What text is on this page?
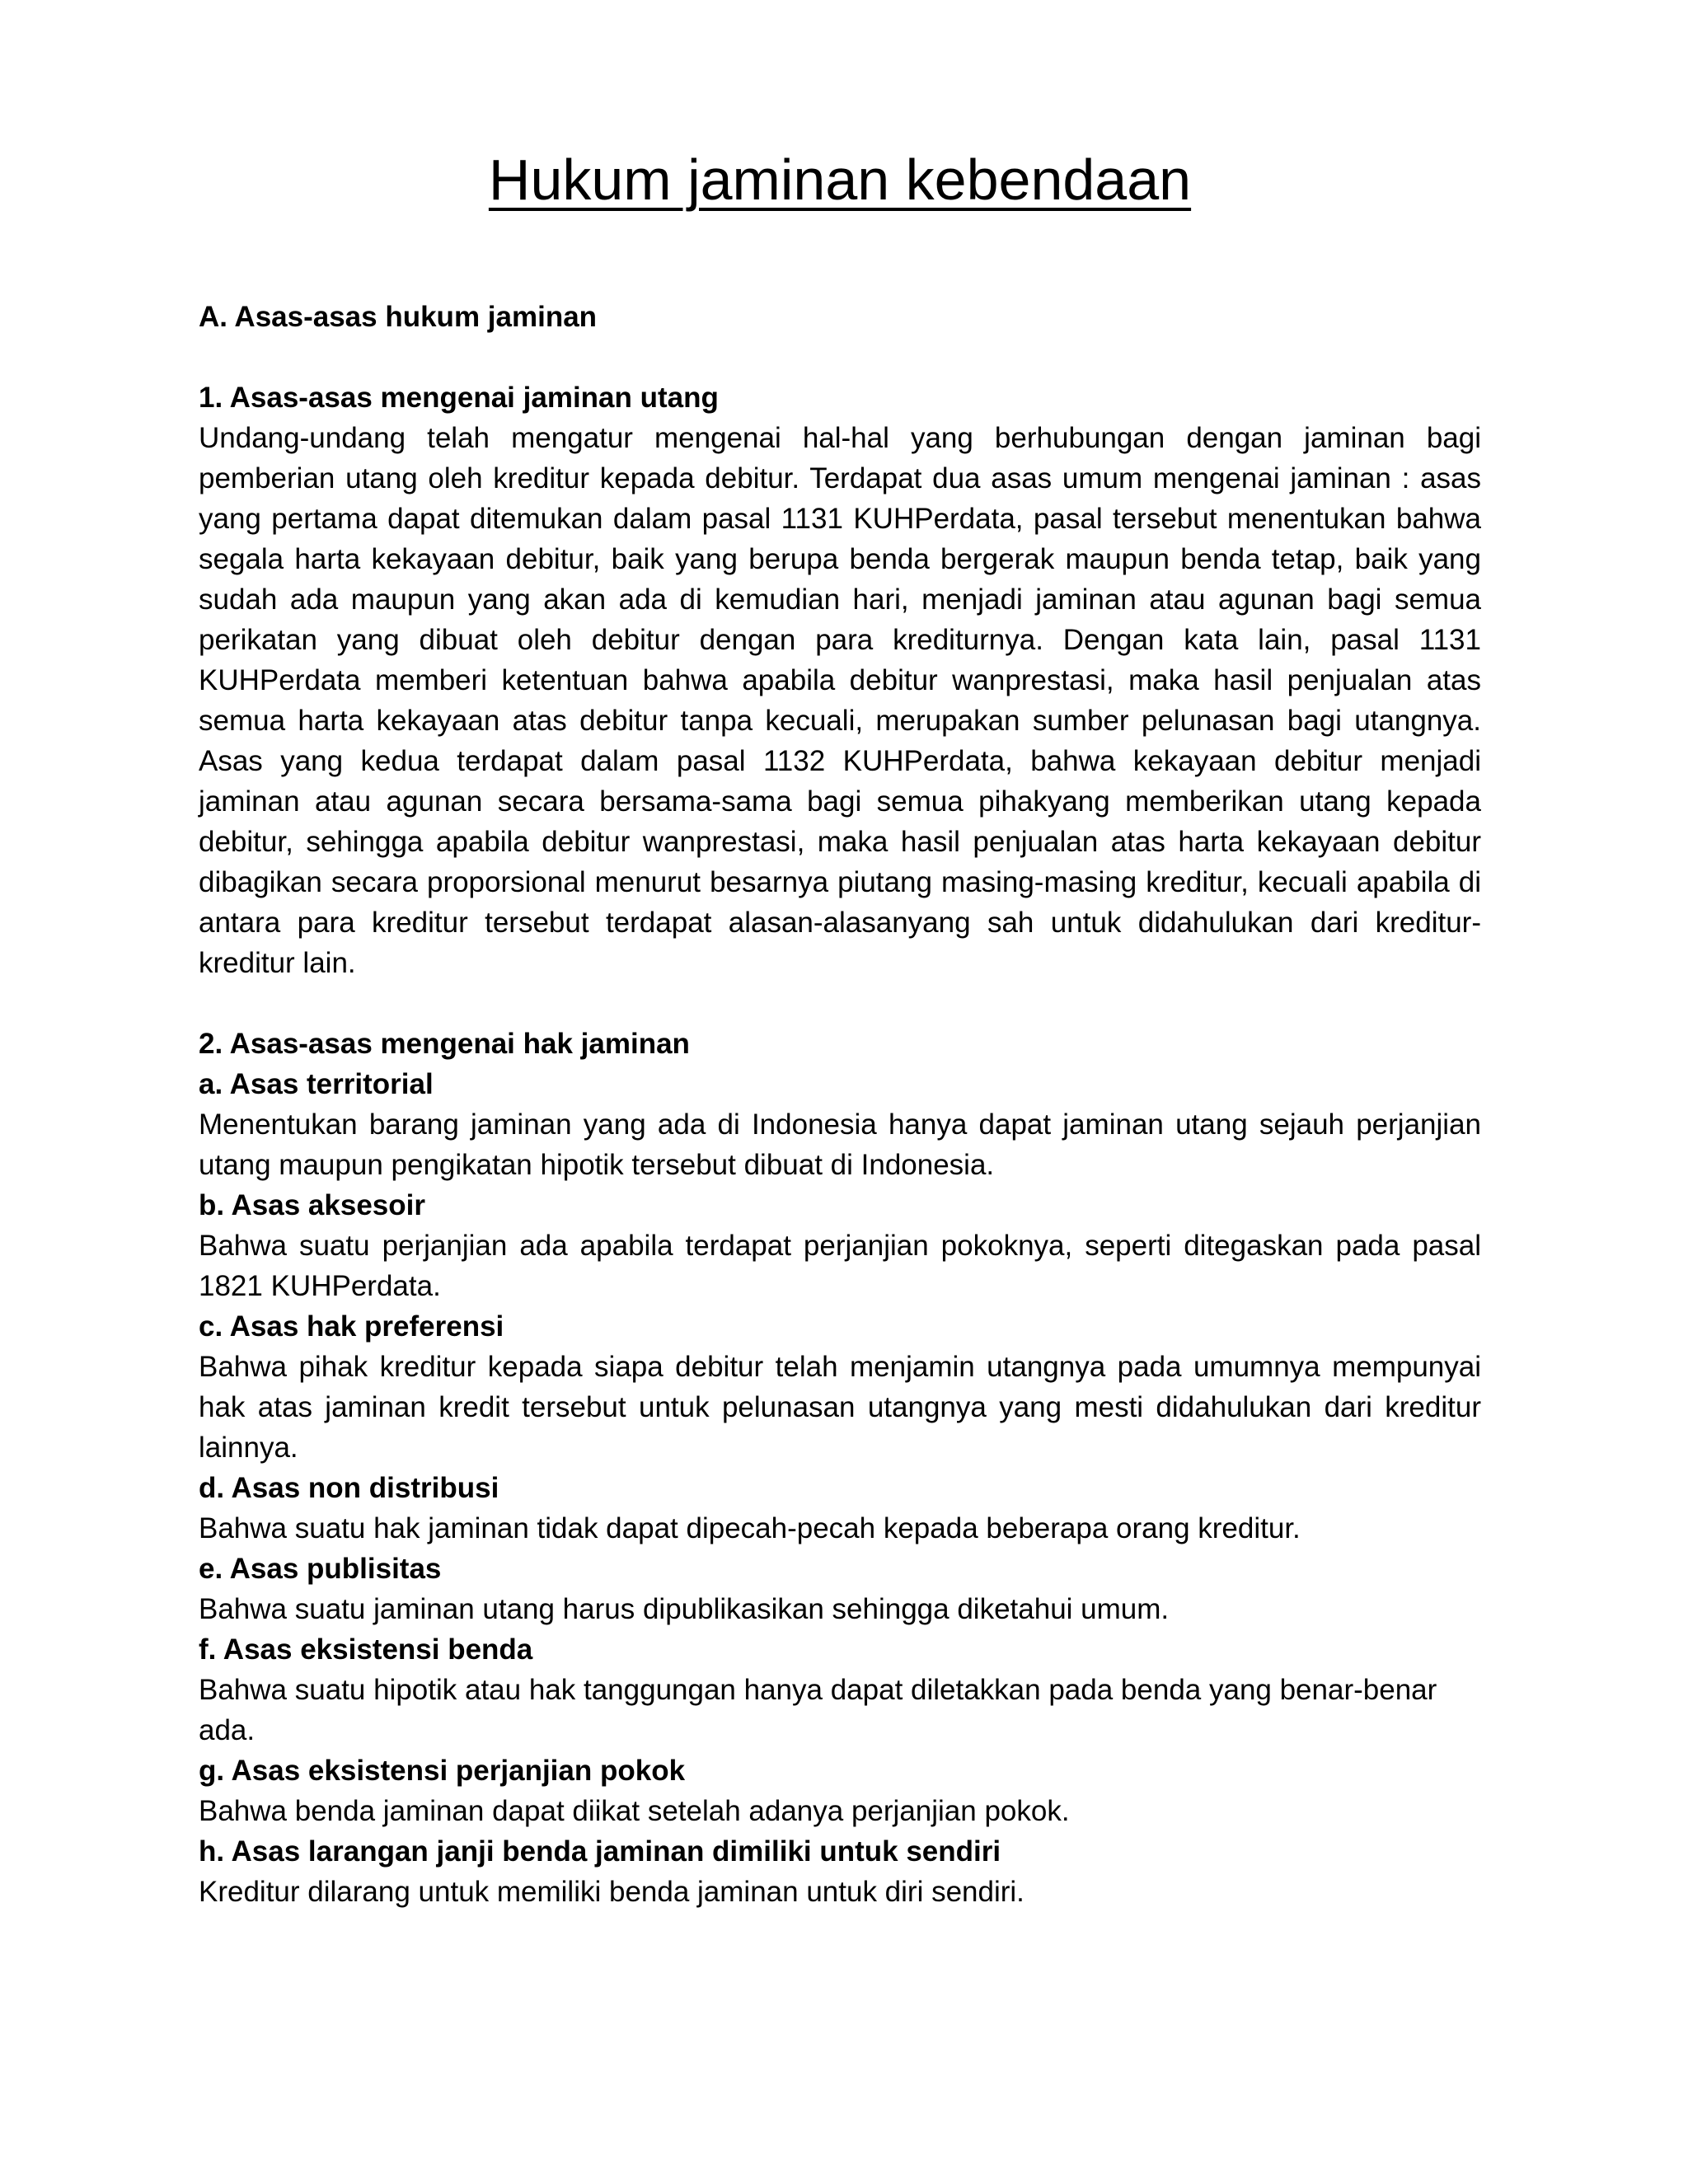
Hukum jaminan kebendaan

A. Asas-asas hukum jaminan

1. Asas-asas mengenai jaminan utang

Undang-undang telah mengatur mengenai hal-hal yang berhubungan dengan jaminan bagi pemberian utang oleh kreditur kepada debitur. Terdapat dua asas umum mengenai jaminan : asas yang pertama dapat ditemukan dalam pasal 1131 KUHPerdata, pasal tersebut menentukan bahwa segala harta kekayaan debitur, baik yang berupa benda bergerak maupun benda tetap, baik yang sudah ada maupun yang akan ada di kemudian hari, menjadi jaminan atau agunan bagi semua perikatan yang dibuat oleh debitur dengan para krediturnya. Dengan kata lain, pasal 1131 KUHPerdata memberi ketentuan bahwa apabila debitur wanprestasi, maka hasil penjualan atas semua harta kekayaan atas debitur tanpa kecuali, merupakan sumber pelunasan bagi utangnya. Asas yang kedua terdapat dalam pasal 1132 KUHPerdata, bahwa kekayaan debitur menjadi jaminan atau agunan secara bersama-sama bagi semua pihakyang memberikan utang kepada debitur, sehingga apabila debitur wanprestasi, maka hasil penjualan atas harta kekayaan debitur dibagikan secara proporsional menurut besarnya piutang masing-masing kreditur, kecuali apabila di antara para kreditur tersebut terdapat alasan-alasanyang sah untuk didahulukan dari kreditur-kreditur lain.

2. Asas-asas mengenai hak jaminan

a. Asas territorial

Menentukan barang jaminan yang ada di Indonesia hanya dapat jaminan utang sejauh perjanjian utang maupun pengikatan hipotik tersebut dibuat di Indonesia.

b. Asas aksesoir

Bahwa suatu perjanjian ada apabila terdapat perjanjian pokoknya, seperti ditegaskan pada pasal 1821 KUHPerdata.

c. Asas hak preferensi

Bahwa pihak kreditur kepada siapa debitur telah menjamin utangnya pada umumnya mempunyai hak atas jaminan kredit tersebut untuk pelunasan utangnya yang mesti didahulukan dari kreditur lainnya.

d. Asas non distribusi

Bahwa suatu hak jaminan tidak dapat dipecah-pecah kepada beberapa orang kreditur.

e. Asas publisitas

Bahwa suatu jaminan utang harus dipublikasikan sehingga diketahui umum.

f. Asas eksistensi benda

Bahwa suatu hipotik atau hak tanggungan hanya dapat diletakkan pada benda yang benar-benar ada.

g. Asas eksistensi perjanjian pokok

Bahwa benda jaminan dapat diikat setelah adanya perjanjian pokok.

h. Asas larangan janji benda jaminan dimiliki untuk sendiri

Kreditur dilarang untuk memiliki benda jaminan untuk diri sendiri.
